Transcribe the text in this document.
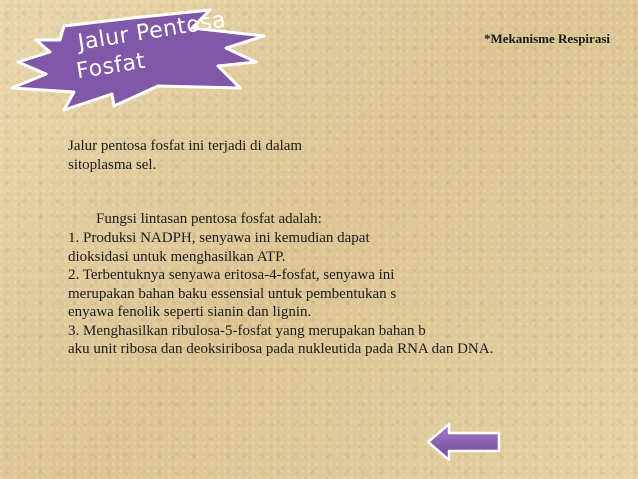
Jalur Pentosa
Fosfat
*Mekanisme Respirasi
Jalur pentosa fosfat ini terjadi di dalam
sitoplasma sel.
Fungsi lintasan pentosa fosfat adalah:
1. Produksi NADPH, senyawa ini kemudian dapat
dioksidasi untuk menghasilkan ATP.
2. Terbentuknya senyawa eritosa-4-fosfat, senyawa ini
merupakan bahan baku essensial untuk pembentukan s
enyawa fenolik seperti sianin dan lignin.
3. Menghasilkan ribulosa-5-fosfat yang merupakan bahan b
aku unit ribosa dan deoksiribosa pada nukleutida pada RNA dan DNA.
